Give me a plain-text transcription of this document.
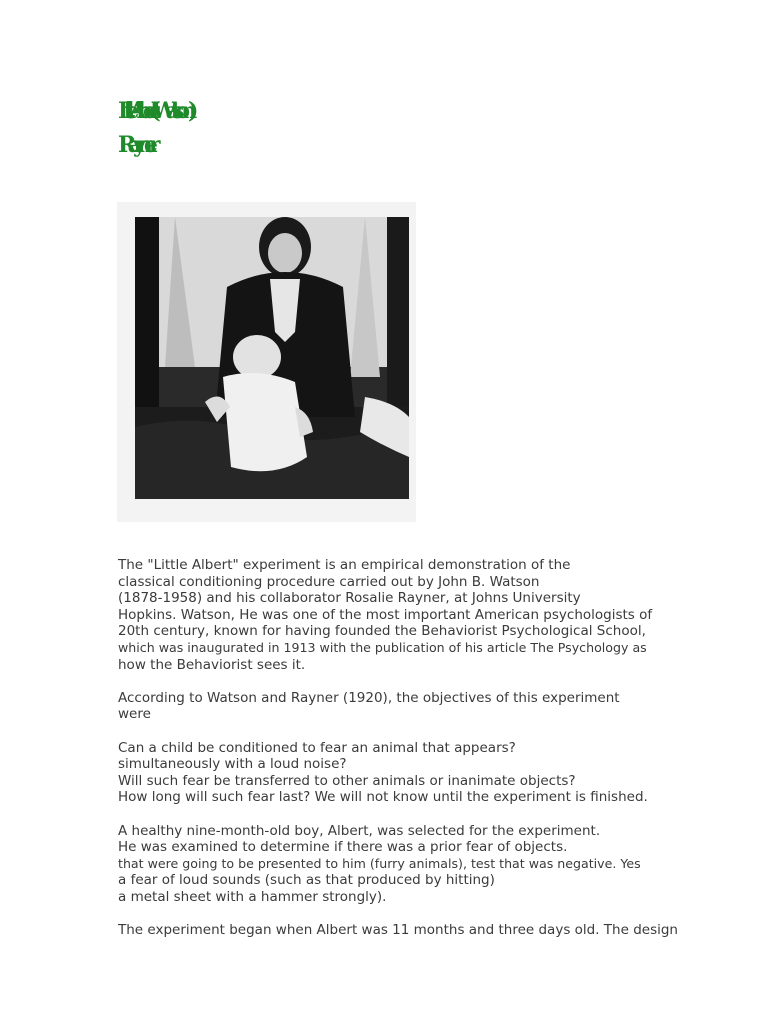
Little Albert (Watson)
Rayner

The "Little Albert" experiment is an empirical demonstration of the
classical conditioning procedure carried out by John B. Watson
(1878-1958) and his collaborator Rosalie Rayner, at Johns University
Hopkins. Watson, He was one of the most important American psychologists of
20th century, known for having founded the Behaviorist Psychological School,
which was inaugurated in 1913 with the publication of his article The Psychology as
how the Behaviorist sees it.

According to Watson and Rayner (1920), the objectives of this experiment
were

Can a child be conditioned to fear an animal that appears?
simultaneously with a loud noise?
Will such fear be transferred to other animals or inanimate objects?
How long will such fear last? We will not know until the experiment is finished.

A healthy nine-month-old boy, Albert, was selected for the experiment.
He was examined to determine if there was a prior fear of objects.
that were going to be presented to him (furry animals), test that was negative. Yes
a fear of loud sounds (such as that produced by hitting)
a metal sheet with a hammer strongly).

The experiment began when Albert was 11 months and three days old. The design
